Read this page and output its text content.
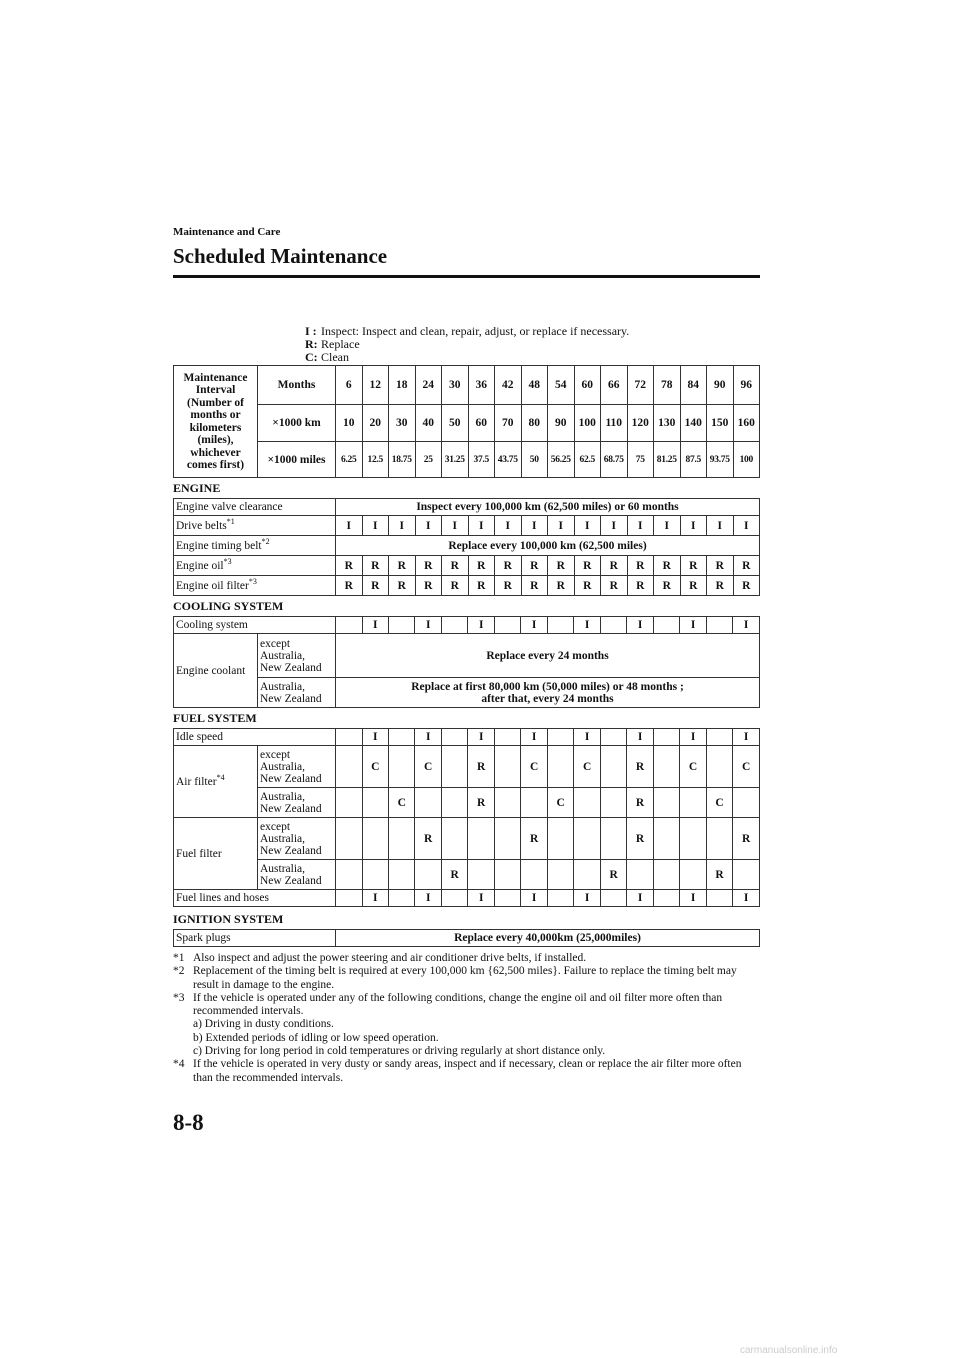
Maintenance and Care
Scheduled Maintenance
I : Inspect: Inspect and clean, repair, adjust, or replace if necessary.
R: Replace
C: Clean
Maintenance Interval (Number of months or kilometers (miles), whichever comes first)	Months	6	12	18	24	30	36	42	48	54	60	66	72	78	84	90	96
	×1000 km	10	20	30	40	50	60	70	80	90	100	110	120	130	140	150	160
	×1000 miles	6.25	12.5	18.75	25	31.25	37.5	43.75	50	56.25	62.5	68.75	75	81.25	87.5	93.75	100
ENGINE
Engine valve clearance	Inspect every 100,000 km (62,500 miles) or 60 months															
Drive belts$^{*1}$	I	I	I	I	I	I	I	I	I	I	I	I	I	I	I	I
Engine timing belt$^{*2}$	Replace every 100,000 km (62,500 miles)															
Engine oil$^{*3}$	R	R	R	R	R	R	R	R	R	R	R	R	R	R	R	R
Engine oil filter$^{*3}$	R	R	R	R	R	R	R	R	R	R	R	R	R	R	R	R
COOLING SYSTEM
Cooling system			I		I		I		I		I		I		I		I
Engine coolant	except
Australia,
New Zealand	Replace every 24 months															
	Australia,
New Zealand	Replace at first 80,000 km (50,000 miles) or 48 months ;
after that, every 24 months															
FUEL SYSTEM
Idle speed			I		I		I		I		I		I		I		I
Air filter$^{*4}$	except
Australia,
New Zealand		C		C		R		C		C		R		C		C
	Australia,
New Zealand			C			R			C			R			C	
Fuel filter	except
Australia,
New Zealand				R				R				R				R
	Australia,
New Zealand					R						R				R	
Fuel lines and hoses			I		I		I		I		I		I		I		I
IGNITION SYSTEM
Spark plugs	Replace every 40,000km (25,000miles)
*1 Also inspect and adjust the power steering and air conditioner drive belts, if installed.
*2 Replacement of the timing belt is required at every 100,000 km {62,500 miles}. Failure to replace the timing belt may result in damage to the engine.
*3 If the vehicle is operated under any of the following conditions, change the engine oil and oil filter more often than recommended intervals.
a) Driving in dusty conditions.
b) Extended periods of idling or low speed operation.
c) Driving for long period in cold temperatures or driving regularly at short distance only.
*4 If the vehicle is operated in very dusty or sandy areas, inspect and if necessary, clean or replace the air filter more often than the recommended intervals.
8-8
carmanualsonline.info
